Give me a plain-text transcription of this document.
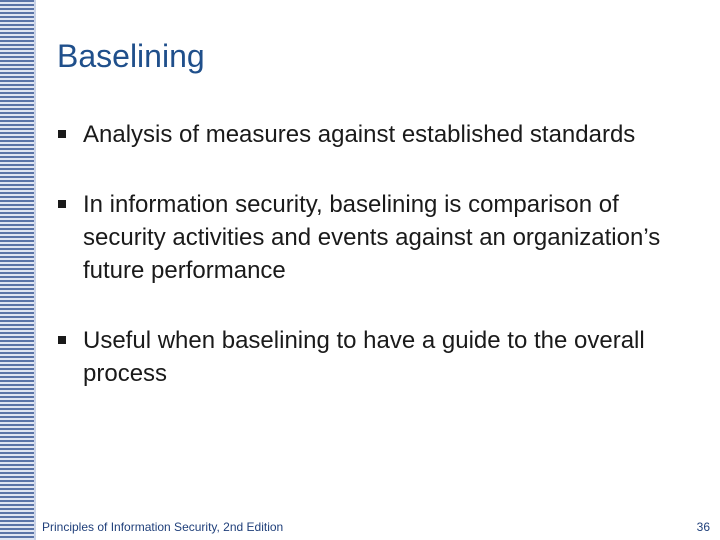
Baselining
Analysis of measures against established standards
In information security, baselining is comparison of security activities and events against an organization’s future performance
Useful when baselining to have a guide to the overall process
Principles of Information Security, 2nd Edition	36
